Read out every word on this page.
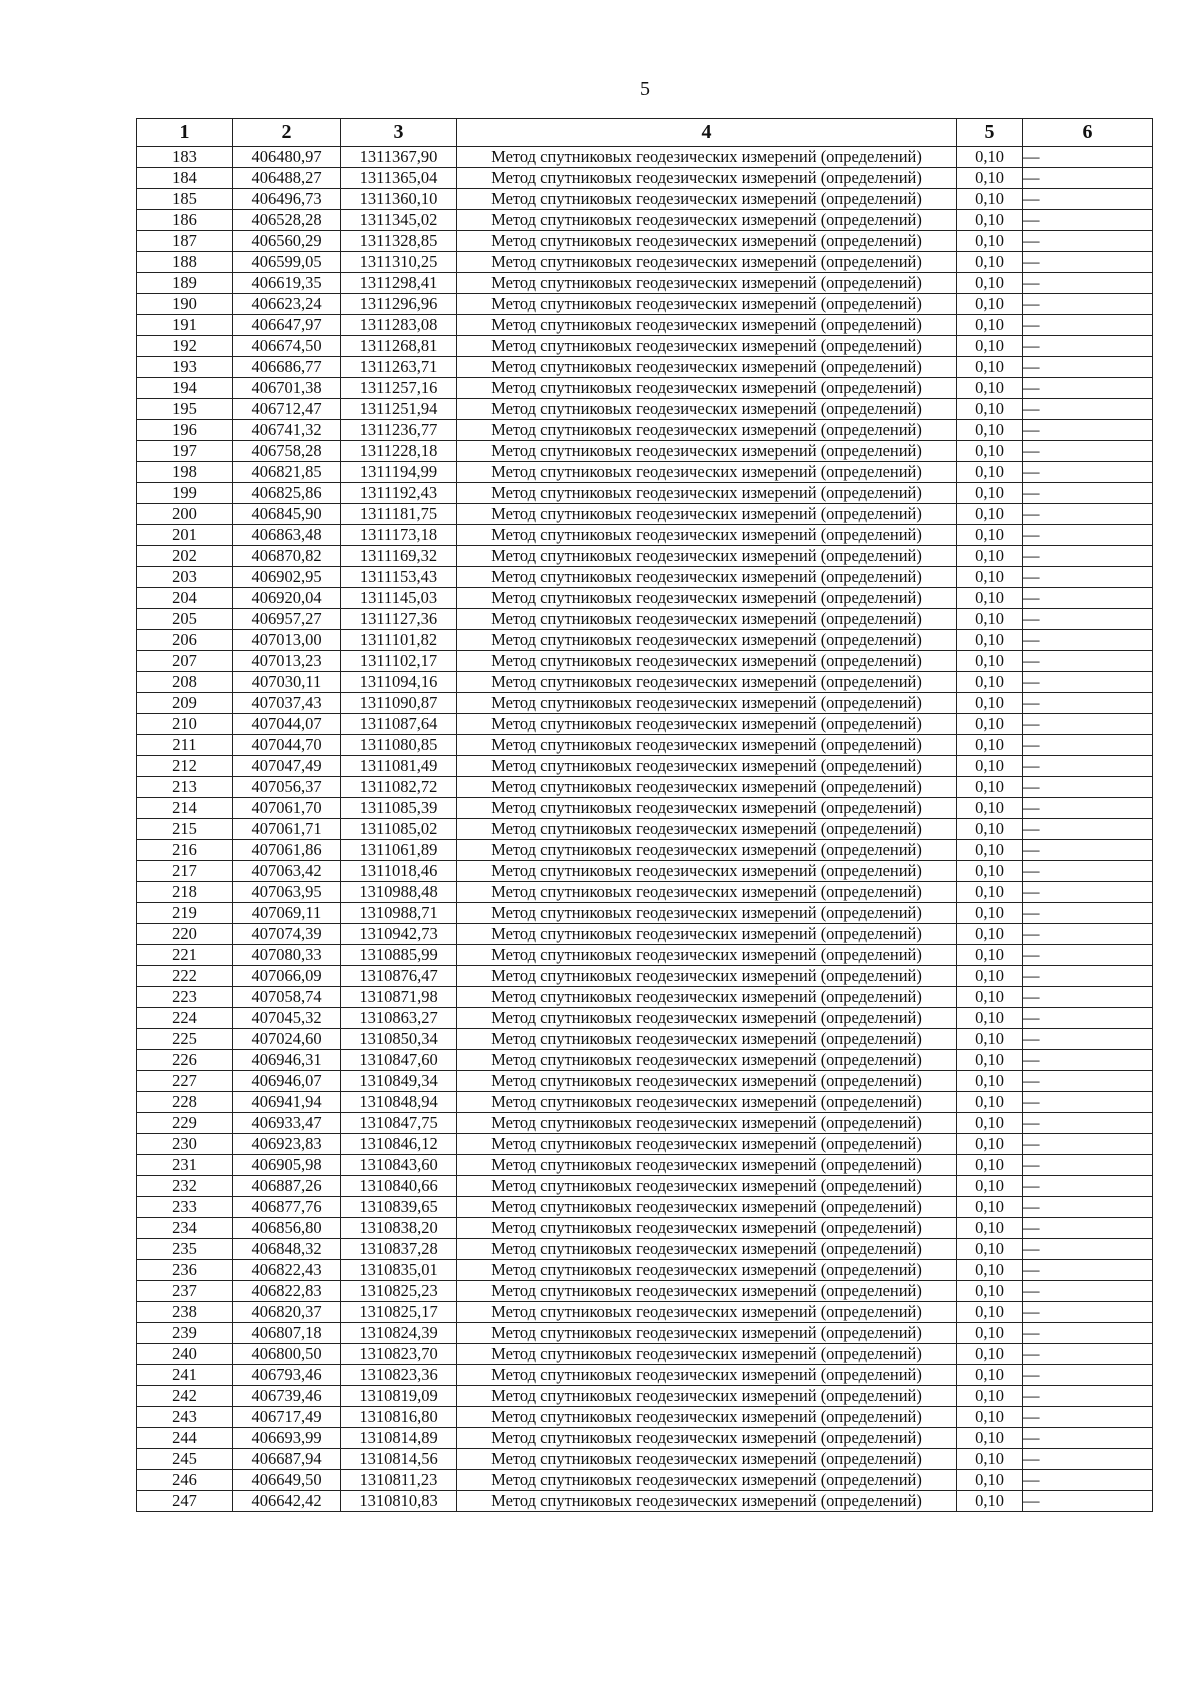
5
1	2	3	4	5	6
183	406480,97	1311367,90	Метод спутниковых геодезических измерений (определений)	0,10	—
184	406488,27	1311365,04	Метод спутниковых геодезических измерений (определений)	0,10	—
185	406496,73	1311360,10	Метод спутниковых геодезических измерений (определений)	0,10	—
186	406528,28	1311345,02	Метод спутниковых геодезических измерений (определений)	0,10	—
187	406560,29	1311328,85	Метод спутниковых геодезических измерений (определений)	0,10	—
188	406599,05	1311310,25	Метод спутниковых геодезических измерений (определений)	0,10	—
189	406619,35	1311298,41	Метод спутниковых геодезических измерений (определений)	0,10	—
190	406623,24	1311296,96	Метод спутниковых геодезических измерений (определений)	0,10	—
191	406647,97	1311283,08	Метод спутниковых геодезических измерений (определений)	0,10	—
192	406674,50	1311268,81	Метод спутниковых геодезических измерений (определений)	0,10	—
193	406686,77	1311263,71	Метод спутниковых геодезических измерений (определений)	0,10	—
194	406701,38	1311257,16	Метод спутниковых геодезических измерений (определений)	0,10	—
195	406712,47	1311251,94	Метод спутниковых геодезических измерений (определений)	0,10	—
196	406741,32	1311236,77	Метод спутниковых геодезических измерений (определений)	0,10	—
197	406758,28	1311228,18	Метод спутниковых геодезических измерений (определений)	0,10	—
198	406821,85	1311194,99	Метод спутниковых геодезических измерений (определений)	0,10	—
199	406825,86	1311192,43	Метод спутниковых геодезических измерений (определений)	0,10	—
200	406845,90	1311181,75	Метод спутниковых геодезических измерений (определений)	0,10	—
201	406863,48	1311173,18	Метод спутниковых геодезических измерений (определений)	0,10	—
202	406870,82	1311169,32	Метод спутниковых геодезических измерений (определений)	0,10	—
203	406902,95	1311153,43	Метод спутниковых геодезических измерений (определений)	0,10	—
204	406920,04	1311145,03	Метод спутниковых геодезических измерений (определений)	0,10	—
205	406957,27	1311127,36	Метод спутниковых геодезических измерений (определений)	0,10	—
206	407013,00	1311101,82	Метод спутниковых геодезических измерений (определений)	0,10	—
207	407013,23	1311102,17	Метод спутниковых геодезических измерений (определений)	0,10	—
208	407030,11	1311094,16	Метод спутниковых геодезических измерений (определений)	0,10	—
209	407037,43	1311090,87	Метод спутниковых геодезических измерений (определений)	0,10	—
210	407044,07	1311087,64	Метод спутниковых геодезических измерений (определений)	0,10	—
211	407044,70	1311080,85	Метод спутниковых геодезических измерений (определений)	0,10	—
212	407047,49	1311081,49	Метод спутниковых геодезических измерений (определений)	0,10	—
213	407056,37	1311082,72	Метод спутниковых геодезических измерений (определений)	0,10	—
214	407061,70	1311085,39	Метод спутниковых геодезических измерений (определений)	0,10	—
215	407061,71	1311085,02	Метод спутниковых геодезических измерений (определений)	0,10	—
216	407061,86	1311061,89	Метод спутниковых геодезических измерений (определений)	0,10	—
217	407063,42	1311018,46	Метод спутниковых геодезических измерений (определений)	0,10	—
218	407063,95	1310988,48	Метод спутниковых геодезических измерений (определений)	0,10	—
219	407069,11	1310988,71	Метод спутниковых геодезических измерений (определений)	0,10	—
220	407074,39	1310942,73	Метод спутниковых геодезических измерений (определений)	0,10	—
221	407080,33	1310885,99	Метод спутниковых геодезических измерений (определений)	0,10	—
222	407066,09	1310876,47	Метод спутниковых геодезических измерений (определений)	0,10	—
223	407058,74	1310871,98	Метод спутниковых геодезических измерений (определений)	0,10	—
224	407045,32	1310863,27	Метод спутниковых геодезических измерений (определений)	0,10	—
225	407024,60	1310850,34	Метод спутниковых геодезических измерений (определений)	0,10	—
226	406946,31	1310847,60	Метод спутниковых геодезических измерений (определений)	0,10	—
227	406946,07	1310849,34	Метод спутниковых геодезических измерений (определений)	0,10	—
228	406941,94	1310848,94	Метод спутниковых геодезических измерений (определений)	0,10	—
229	406933,47	1310847,75	Метод спутниковых геодезических измерений (определений)	0,10	—
230	406923,83	1310846,12	Метод спутниковых геодезических измерений (определений)	0,10	—
231	406905,98	1310843,60	Метод спутниковых геодезических измерений (определений)	0,10	—
232	406887,26	1310840,66	Метод спутниковых геодезических измерений (определений)	0,10	—
233	406877,76	1310839,65	Метод спутниковых геодезических измерений (определений)	0,10	—
234	406856,80	1310838,20	Метод спутниковых геодезических измерений (определений)	0,10	—
235	406848,32	1310837,28	Метод спутниковых геодезических измерений (определений)	0,10	—
236	406822,43	1310835,01	Метод спутниковых геодезических измерений (определений)	0,10	—
237	406822,83	1310825,23	Метод спутниковых геодезических измерений (определений)	0,10	—
238	406820,37	1310825,17	Метод спутниковых геодезических измерений (определений)	0,10	—
239	406807,18	1310824,39	Метод спутниковых геодезических измерений (определений)	0,10	—
240	406800,50	1310823,70	Метод спутниковых геодезических измерений (определений)	0,10	—
241	406793,46	1310823,36	Метод спутниковых геодезических измерений (определений)	0,10	—
242	406739,46	1310819,09	Метод спутниковых геодезических измерений (определений)	0,10	—
243	406717,49	1310816,80	Метод спутниковых геодезических измерений (определений)	0,10	—
244	406693,99	1310814,89	Метод спутниковых геодезических измерений (определений)	0,10	—
245	406687,94	1310814,56	Метод спутниковых геодезических измерений (определений)	0,10	—
246	406649,50	1310811,23	Метод спутниковых геодезических измерений (определений)	0,10	—
247	406642,42	1310810,83	Метод спутниковых геодезических измерений (определений)	0,10	—
